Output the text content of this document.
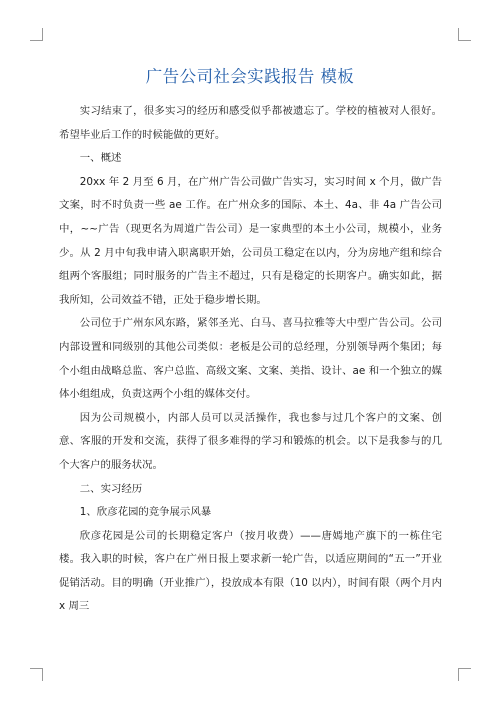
广告公司社会实践报告 模板

实习结束了，很多实习的经历和感受似乎都被遗忘了。学校的植被对人很好。希望毕业后工作的时候能做的更好。

一、概述

20xx 年 2 月至 6 月，在广州广告公司做广告实习，实习时间 x 个月，做广告文案，时不时负责一些 ae 工作。在广州众多的国际、本土、4a、非 4a 广告公司中，~~广告（现更名为周道广告公司）是一家典型的本土小公司，规模小，业务少。从 2 月中旬我申请入职离职开始，公司员工稳定在以内，分为房地产组和综合组两个客服组；同时服务的广告主不超过，只有是稳定的长期客户。确实如此，据我所知，公司效益不错，正处于稳步增长期。

公司位于广州东风东路，紧邻圣光、白马、喜马拉雅等大中型广告公司。公司内部设置和同级别的其他公司类似：老板是公司的总经理，分别领导两个集团；每个小组由战略总监、客户总监、高级文案、文案、美指、设计、ae 和一个独立的媒体小组组成，负责这两个小组的媒体交付。

因为公司规模小，内部人员可以灵活操作，我也参与过几个客户的文案、创意、客服的开发和交流，获得了很多难得的学习和锻炼的机会。以下是我参与的几个大客户的服务状况。

二、实习经历

1、欣彦花园的竞争展示风暴

欣彦花园是公司的长期稳定客户（按月收费）——唐嫣地产旗下的一栋住宅楼。我入职的时候，客户在广州日报上要求新一轮广告，以适应期间的“五一”开业促销活动。目的明确（开业推广），投放成本有限（10 以内），时间有限（两个月内 x 周三
